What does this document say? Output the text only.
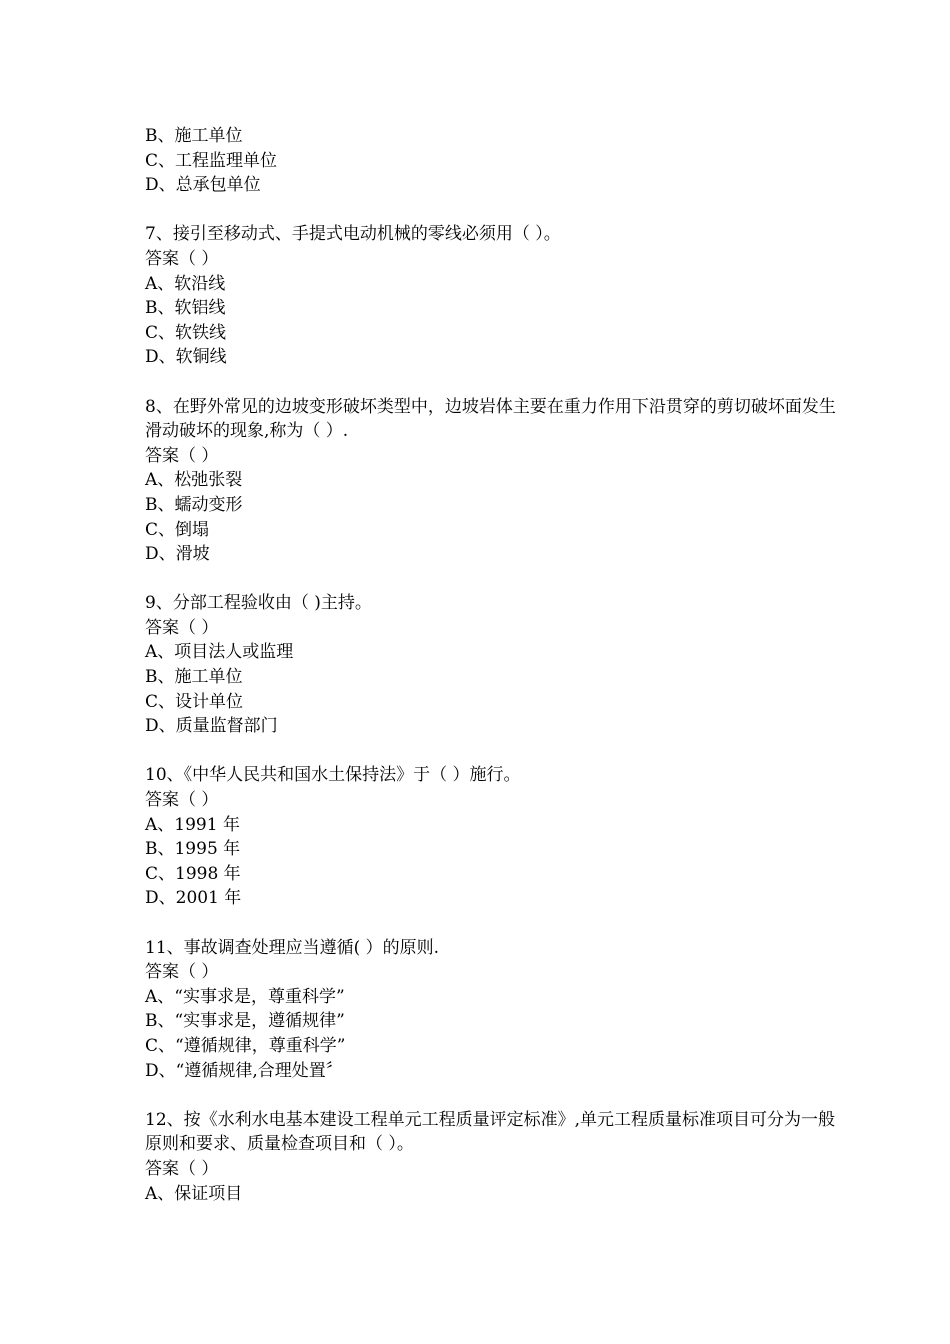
B、施工单位

C、工程监理单位

D、总承包单位

7、接引至移动式、手提式电动机械的零线必须用（ ）。

答案（ ）

A、软沿线

B、软铝线

C、软铁线

D、软铜线

8、在野外常见的边坡变形破坏类型中，边坡岩体主要在重力作用下沿贯穿的剪切破坏面发生滑动破坏的现象,称为（ ）.

答案（ ）

A、松弛张裂

B、蠕动变形

C、倒塌

D、滑坡

9、分部工程验收由（ )主持。

答案（ ）

A、项目法人或监理

B、施工单位

C、设计单位

D、质量监督部门

10、《中华人民共和国水土保持法》于（ ）施行。

答案（ ）

A、1991 年

B、1995 年

C、1998 年

D、2001 年

11、事故调查处理应当遵循( ）的原则.

答案（ ）

A、“实事求是，尊重科学”

B、“实事求是，遵循规律”

C、“遵循规律，尊重科学”

D、“遵循规律,合理处置〞

12、按《水利水电基本建设工程单元工程质量评定标准》,单元工程质量标准项目可分为一般原则和要求、质量检查项目和（ ）。

答案（ ）

A、保证项目
